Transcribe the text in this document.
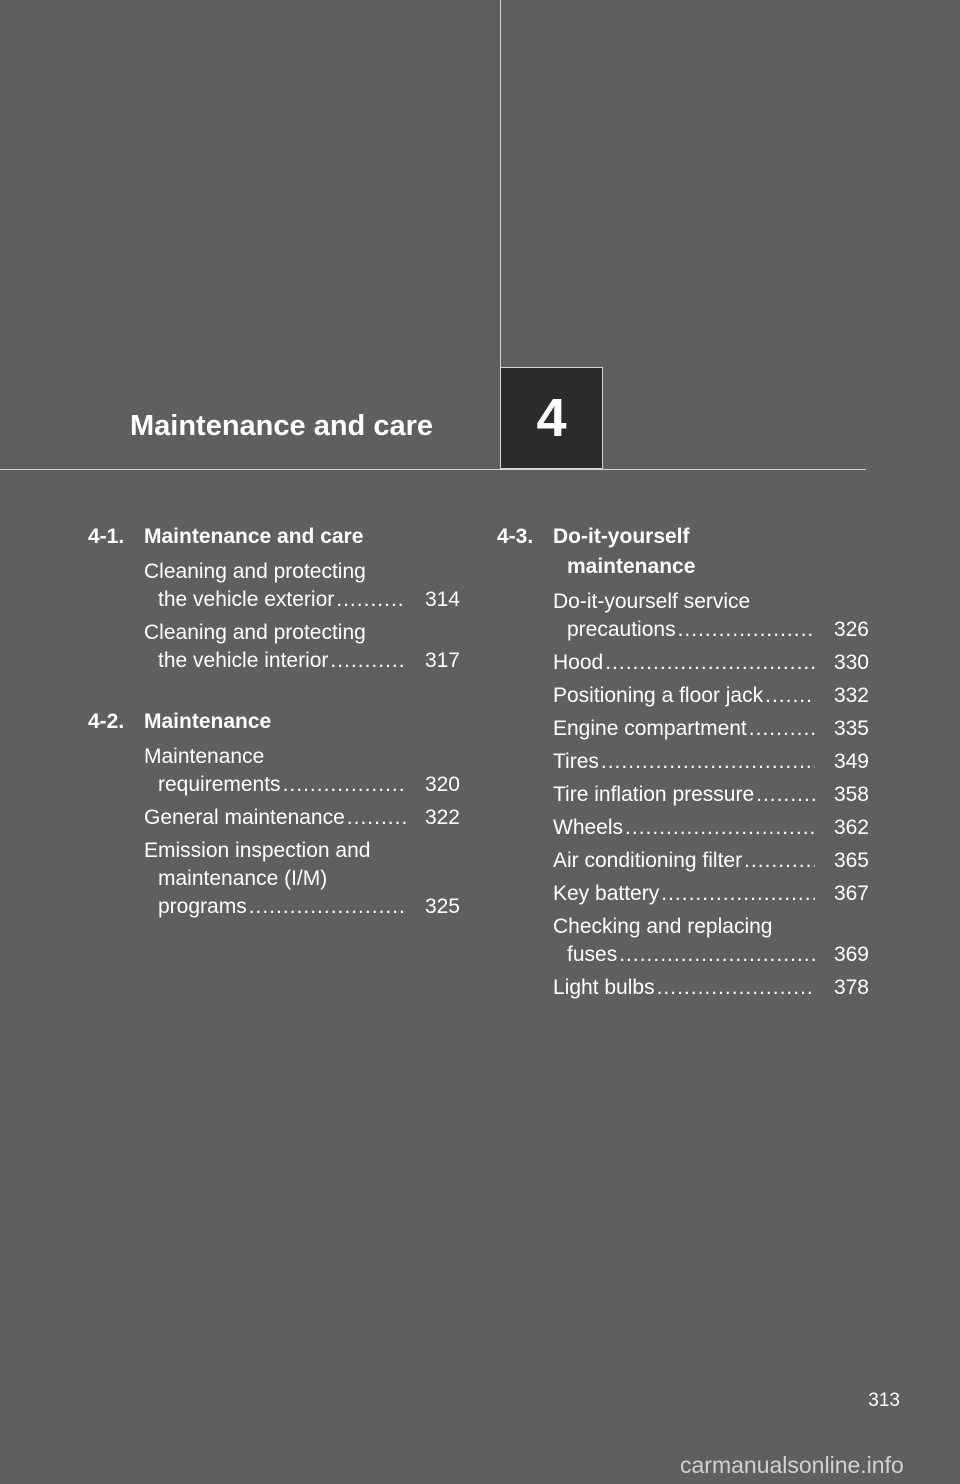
Maintenance and care 4
4-1. Maintenance and care
Cleaning and protecting
the vehicle exterior .....	314
Cleaning and protecting
the vehicle interior .....	317
4-2. Maintenance
Maintenance
requirements .....	320
General maintenance .....	322
Emission inspection and
maintenance (I/M)
programs .....	325
4-3. Do-it-yourself
maintenance
Do-it-yourself service
precautions .....	326
Hood .....	330
Positioning a floor jack .....	332
Engine compartment .....	335
Tires .....	349
Tire inflation pressure .....	358
Wheels .....	362
Air conditioning filter .....	365
Key battery .....	367
Checking and replacing
fuses .....	369
Light bulbs .....	378
313
carmanualsonline.info
